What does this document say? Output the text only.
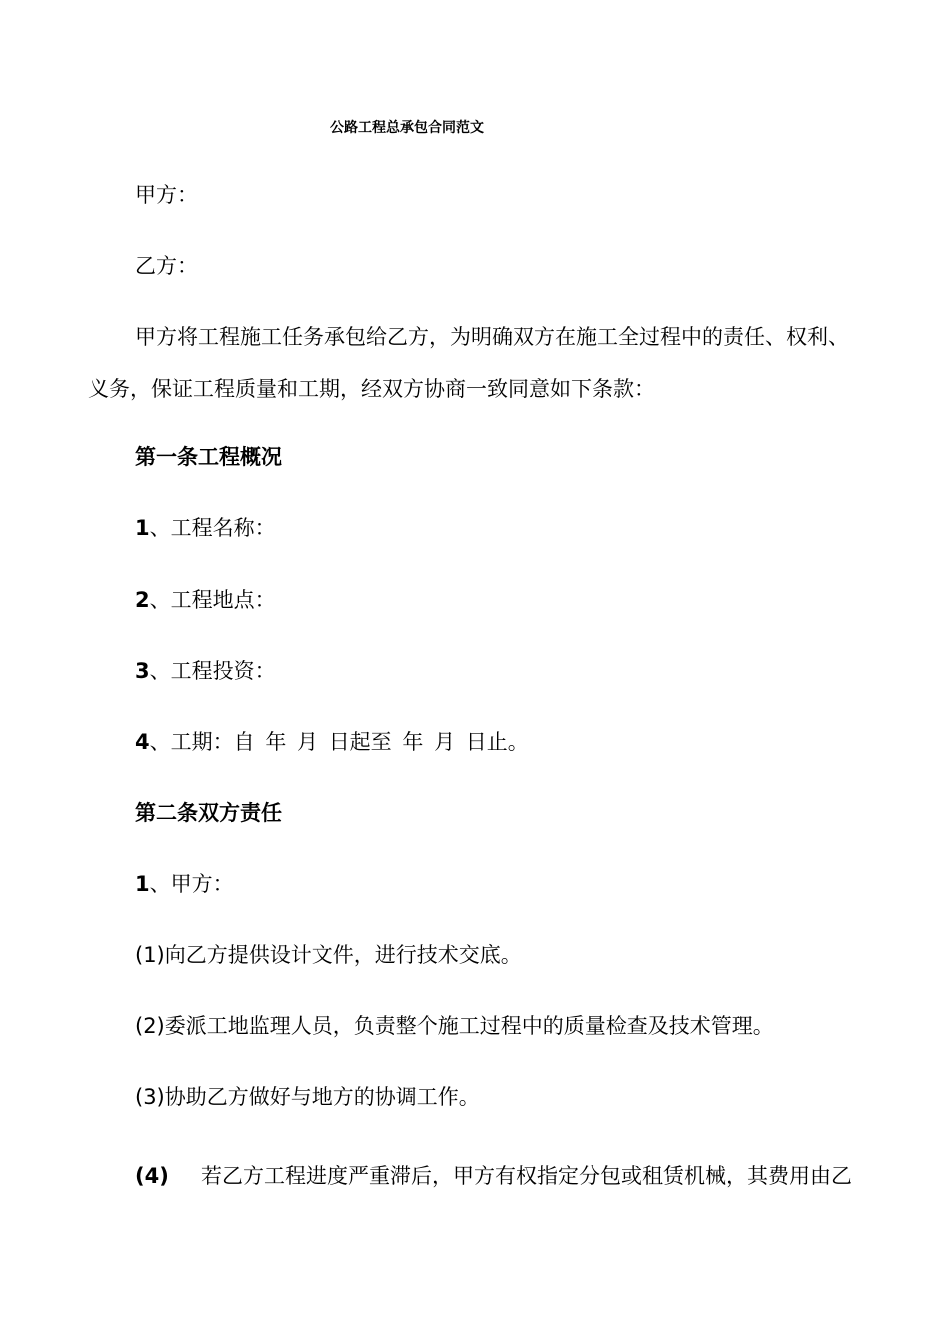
公路工程总承包合同范文
甲方：
乙方：
甲方将工程施工任务承包给乙方，为明确双方在施工全过程中的责任、权利、
义务，保证工程质量和工期，经双方协商一致同意如下条款：
第一条工程概况
1、工程名称：
2、工程地点：
3、工程投资：
4、工期：自 年 月 日起至 年 月 日止。
第二条双方责任
1、甲方：
(1)向乙方提供设计文件，进行技术交底。
(2)委派工地监理人员，负责整个施工过程中的质量检查及技术管理。
(3)协助乙方做好与地方的协调工作。
(4) 若乙方工程进度严重滞后，甲方有权指定分包或租赁机械，其费用由乙
